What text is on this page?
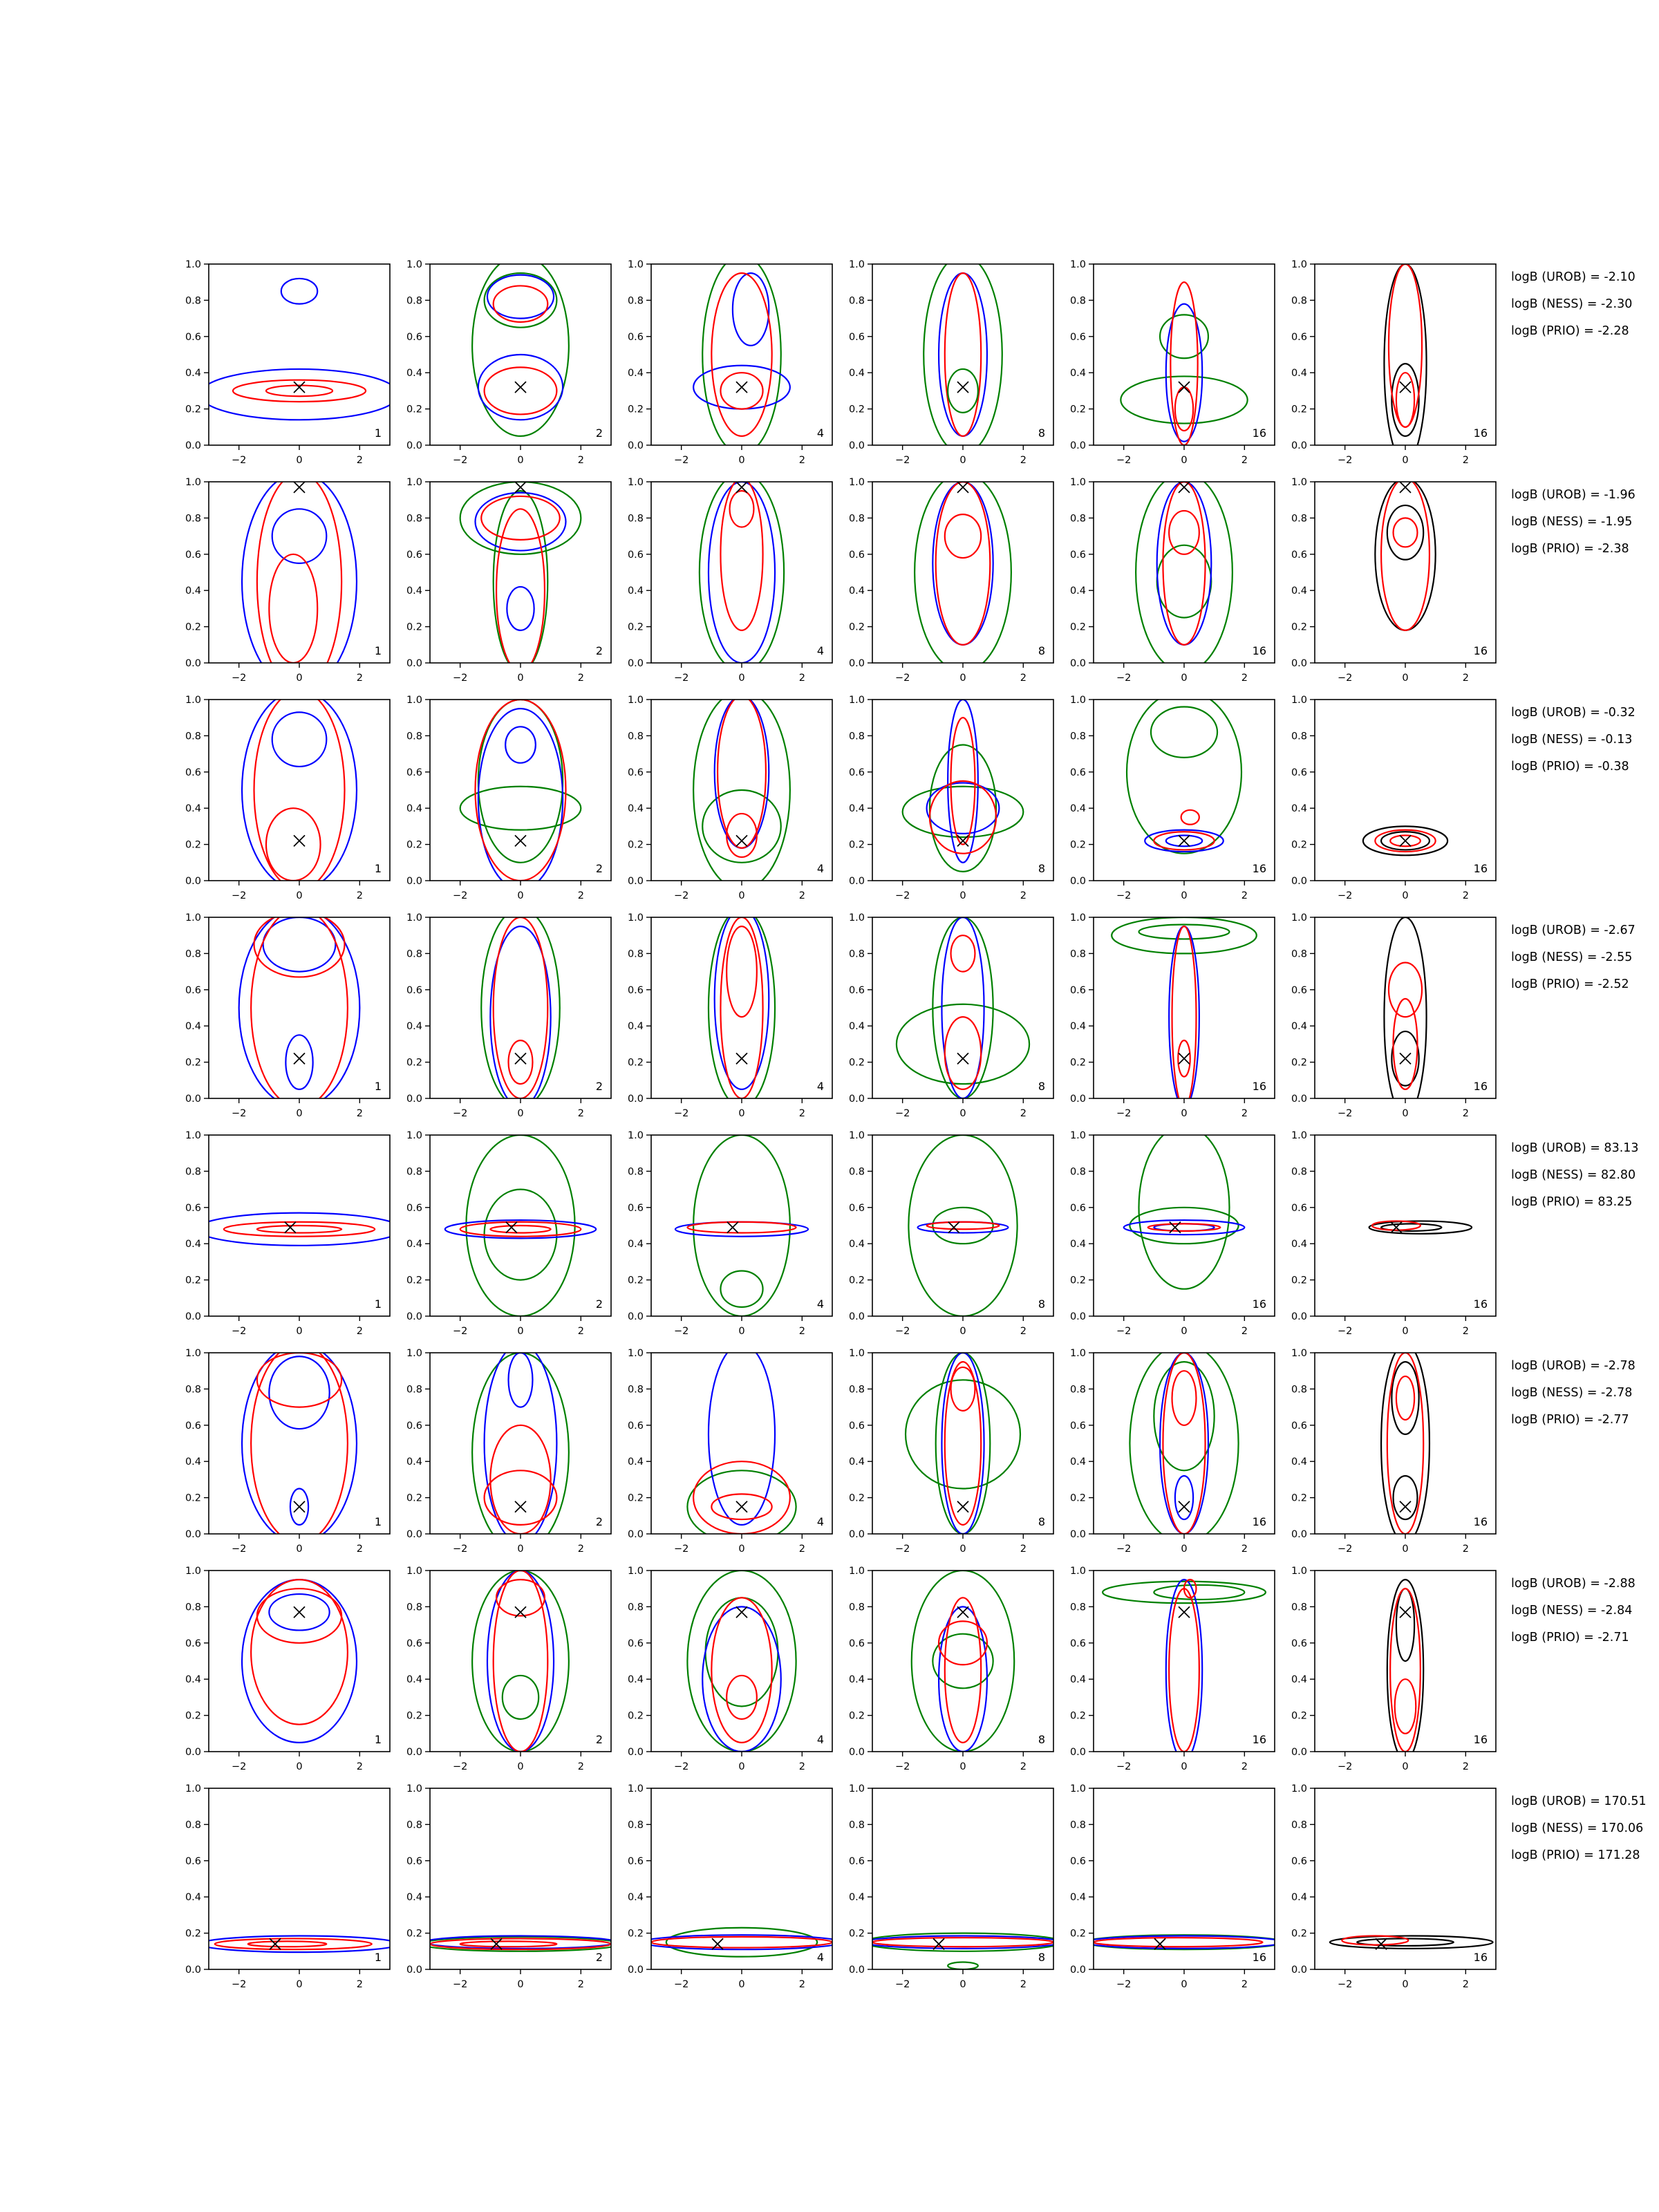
−2	0	2
0.0
0.2
0.4
0.6
0.8
1.0
1
−2	0	2
0.0
0.2
0.4
0.6
0.8
1.0
2
−2	0	2
0.0
0.2
0.4
0.6
0.8
1.0
4
−2	0	2
0.0
0.2
0.4
0.6
0.8
1.0
8
−2	0	2
0.0
0.2
0.4
0.6
0.8
1.0
16
−2	0	2
0.0
0.2
0.4
0.6
0.8
1.0
16
logB (UROB) = -2.10
logB (NESS) = -2.30
logB (PRIO) = -2.28
−2	0	2
0.0
0.2
0.4
0.6
0.8
1.0
1
−2	0	2
0.0
0.2
0.4
0.6
0.8
1.0
2
−2	0	2
0.0
0.2
0.4
0.6
0.8
1.0
4
−2	0	2
0.0
0.2
0.4
0.6
0.8
1.0
8
−2	0	2
0.0
0.2
0.4
0.6
0.8
1.0
16
−2	0	2
0.0
0.2
0.4
0.6
0.8
1.0
16
logB (UROB) = -1.96
logB (NESS) = -1.95
logB (PRIO) = -2.38
−2	0	2
0.0
0.2
0.4
0.6
0.8
1.0
1
−2	0	2
0.0
0.2
0.4
0.6
0.8
1.0
2
−2	0	2
0.0
0.2
0.4
0.6
0.8
1.0
4
−2	0	2
0.0
0.2
0.4
0.6
0.8
1.0
8
−2	0	2
0.0
0.2
0.4
0.6
0.8
1.0
16
−2	0	2
0.0
0.2
0.4
0.6
0.8
1.0
16
logB (UROB) = -0.32
logB (NESS) = -0.13
logB (PRIO) = -0.38
−2	0	2
0.0
0.2
0.4
0.6
0.8
1.0
1
−2	0	2
0.0
0.2
0.4
0.6
0.8
1.0
2
−2	0	2
0.0
0.2
0.4
0.6
0.8
1.0
4
−2	0	2
0.0
0.2
0.4
0.6
0.8
1.0
8
−2	0	2
0.0
0.2
0.4
0.6
0.8
1.0
16
−2	0	2
0.0
0.2
0.4
0.6
0.8
1.0
16
logB (UROB) = -2.67
logB (NESS) = -2.55
logB (PRIO) = -2.52
−2	0	2
0.0
0.2
0.4
0.6
0.8
1.0
1
−2	0	2
0.0
0.2
0.4
0.6
0.8
1.0
2
−2	0	2
0.0
0.2
0.4
0.6
0.8
1.0
4
−2	0	2
0.0
0.2
0.4
0.6
0.8
1.0
8
−2	0	2
0.0
0.2
0.4
0.6
0.8
1.0
16
−2	0	2
0.0
0.2
0.4
0.6
0.8
1.0
16
logB (UROB) = 83.13
logB (NESS) = 82.80
logB (PRIO) = 83.25
−2	0	2
0.0
0.2
0.4
0.6
0.8
1.0
1
−2	0	2
0.0
0.2
0.4
0.6
0.8
1.0
2
−2	0	2
0.0
0.2
0.4
0.6
0.8
1.0
4
−2	0	2
0.0
0.2
0.4
0.6
0.8
1.0
8
−2	0	2
0.0
0.2
0.4
0.6
0.8
1.0
16
−2	0	2
0.0
0.2
0.4
0.6
0.8
1.0
16
logB (UROB) = -2.78
logB (NESS) = -2.78
logB (PRIO) = -2.77
−2	0	2
0.0
0.2
0.4
0.6
0.8
1.0
1
−2	0	2
0.0
0.2
0.4
0.6
0.8
1.0
2
−2	0	2
0.0
0.2
0.4
0.6
0.8
1.0
4
−2	0	2
0.0
0.2
0.4
0.6
0.8
1.0
8
−2	0	2
0.0
0.2
0.4
0.6
0.8
1.0
16
−2	0	2
0.0
0.2
0.4
0.6
0.8
1.0
16
logB (UROB) = -2.88
logB (NESS) = -2.84
logB (PRIO) = -2.71
−2	0	2
0.0
0.2
0.4
0.6
0.8
1.0
1
−2	0	2
0.0
0.2
0.4
0.6
0.8
1.0
2
−2	0	2
0.0
0.2
0.4
0.6
0.8
1.0
4
−2	0	2
0.0
0.2
0.4
0.6
0.8
1.0
8
−2	0	2
0.0
0.2
0.4
0.6
0.8
1.0
16
−2	0	2
0.0
0.2
0.4
0.6
0.8
1.0
16
logB (UROB) = 170.51
logB (NESS) = 170.06
logB (PRIO) = 171.28
